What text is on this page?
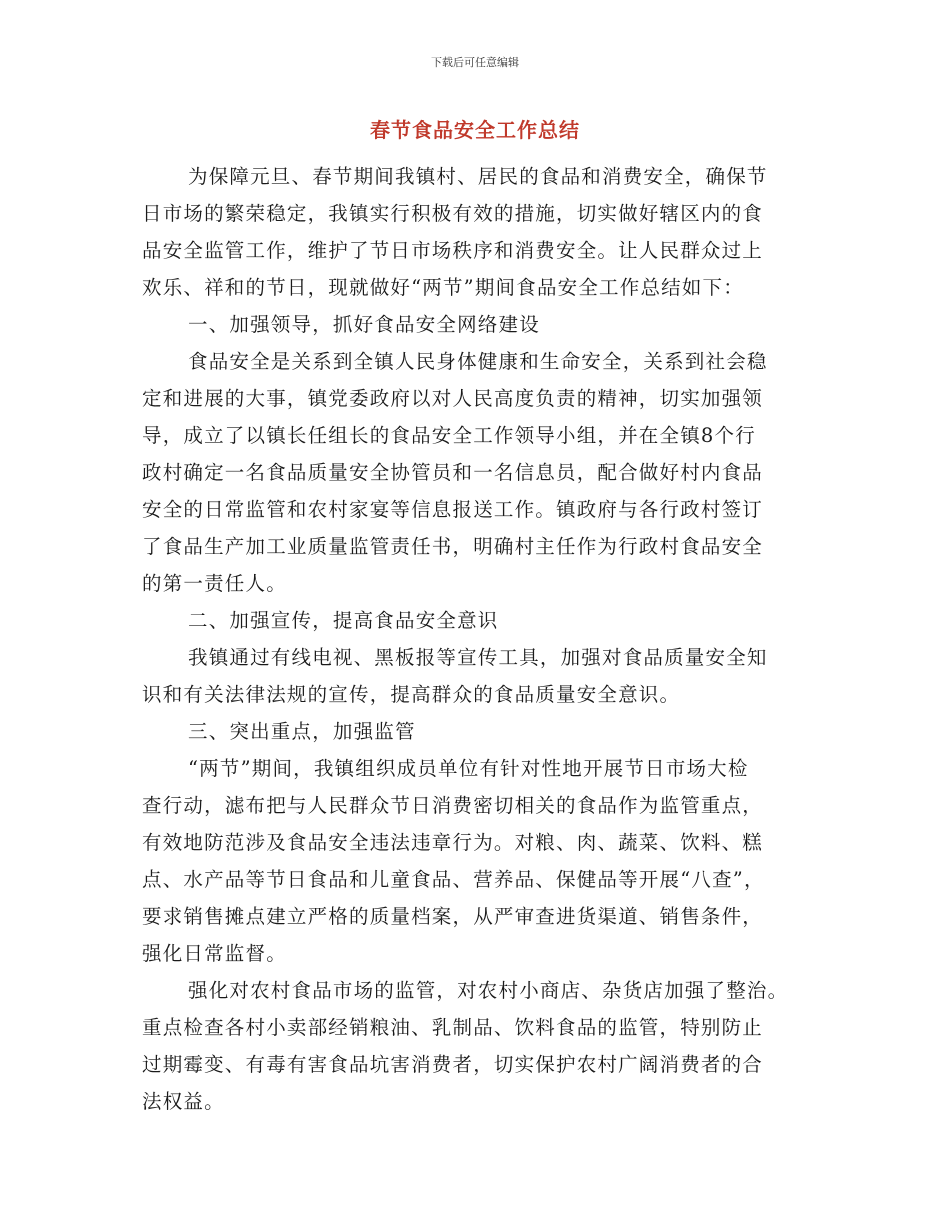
下载后可任意编辑
春节食品安全工作总结
为保障元旦、春节期间我镇村、居民的食品和消费安全，确保节
日市场的繁荣稳定，我镇实行积极有效的措施，切实做好辖区内的食
品安全监管工作，维护了节日市场秩序和消费安全。让人民群众过上
欢乐、祥和的节日，现就做好“两节”期间食品安全工作总结如下：
一、加强领导，抓好食品安全网络建设
食品安全是关系到全镇人民身体健康和生命安全，关系到社会稳
定和进展的大事，镇党委政府以对人民高度负责的精神，切实加强领
导，成立了以镇长任组长的食品安全工作领导小组，并在全镇8个行
政村确定一名食品质量安全协管员和一名信息员，配合做好村内食品
安全的日常监管和农村家宴等信息报送工作。镇政府与各行政村签订
了食品生产加工业质量监管责任书，明确村主任作为行政村食品安全
的第一责任人。
二、加强宣传，提高食品安全意识
我镇通过有线电视、黑板报等宣传工具，加强对食品质量安全知
识和有关法律法规的宣传，提高群众的食品质量安全意识。
三、突出重点，加强监管
“两节”期间，我镇组织成员单位有针对性地开展节日市场大检
查行动，滤布把与人民群众节日消费密切相关的食品作为监管重点，
有效地防范涉及食品安全违法违章行为。对粮、肉、蔬菜、饮料、糕
点、水产品等节日食品和儿童食品、营养品、保健品等开展“八查”，
要求销售摊点建立严格的质量档案，从严审查进货渠道、销售条件，
强化日常监督。
强化对农村食品市场的监管，对农村小商店、杂货店加强了整治。
重点检查各村小卖部经销粮油、乳制品、饮料食品的监管，特别防止
过期霉变、有毒有害食品坑害消费者，切实保护农村广阔消费者的合
法权益。
